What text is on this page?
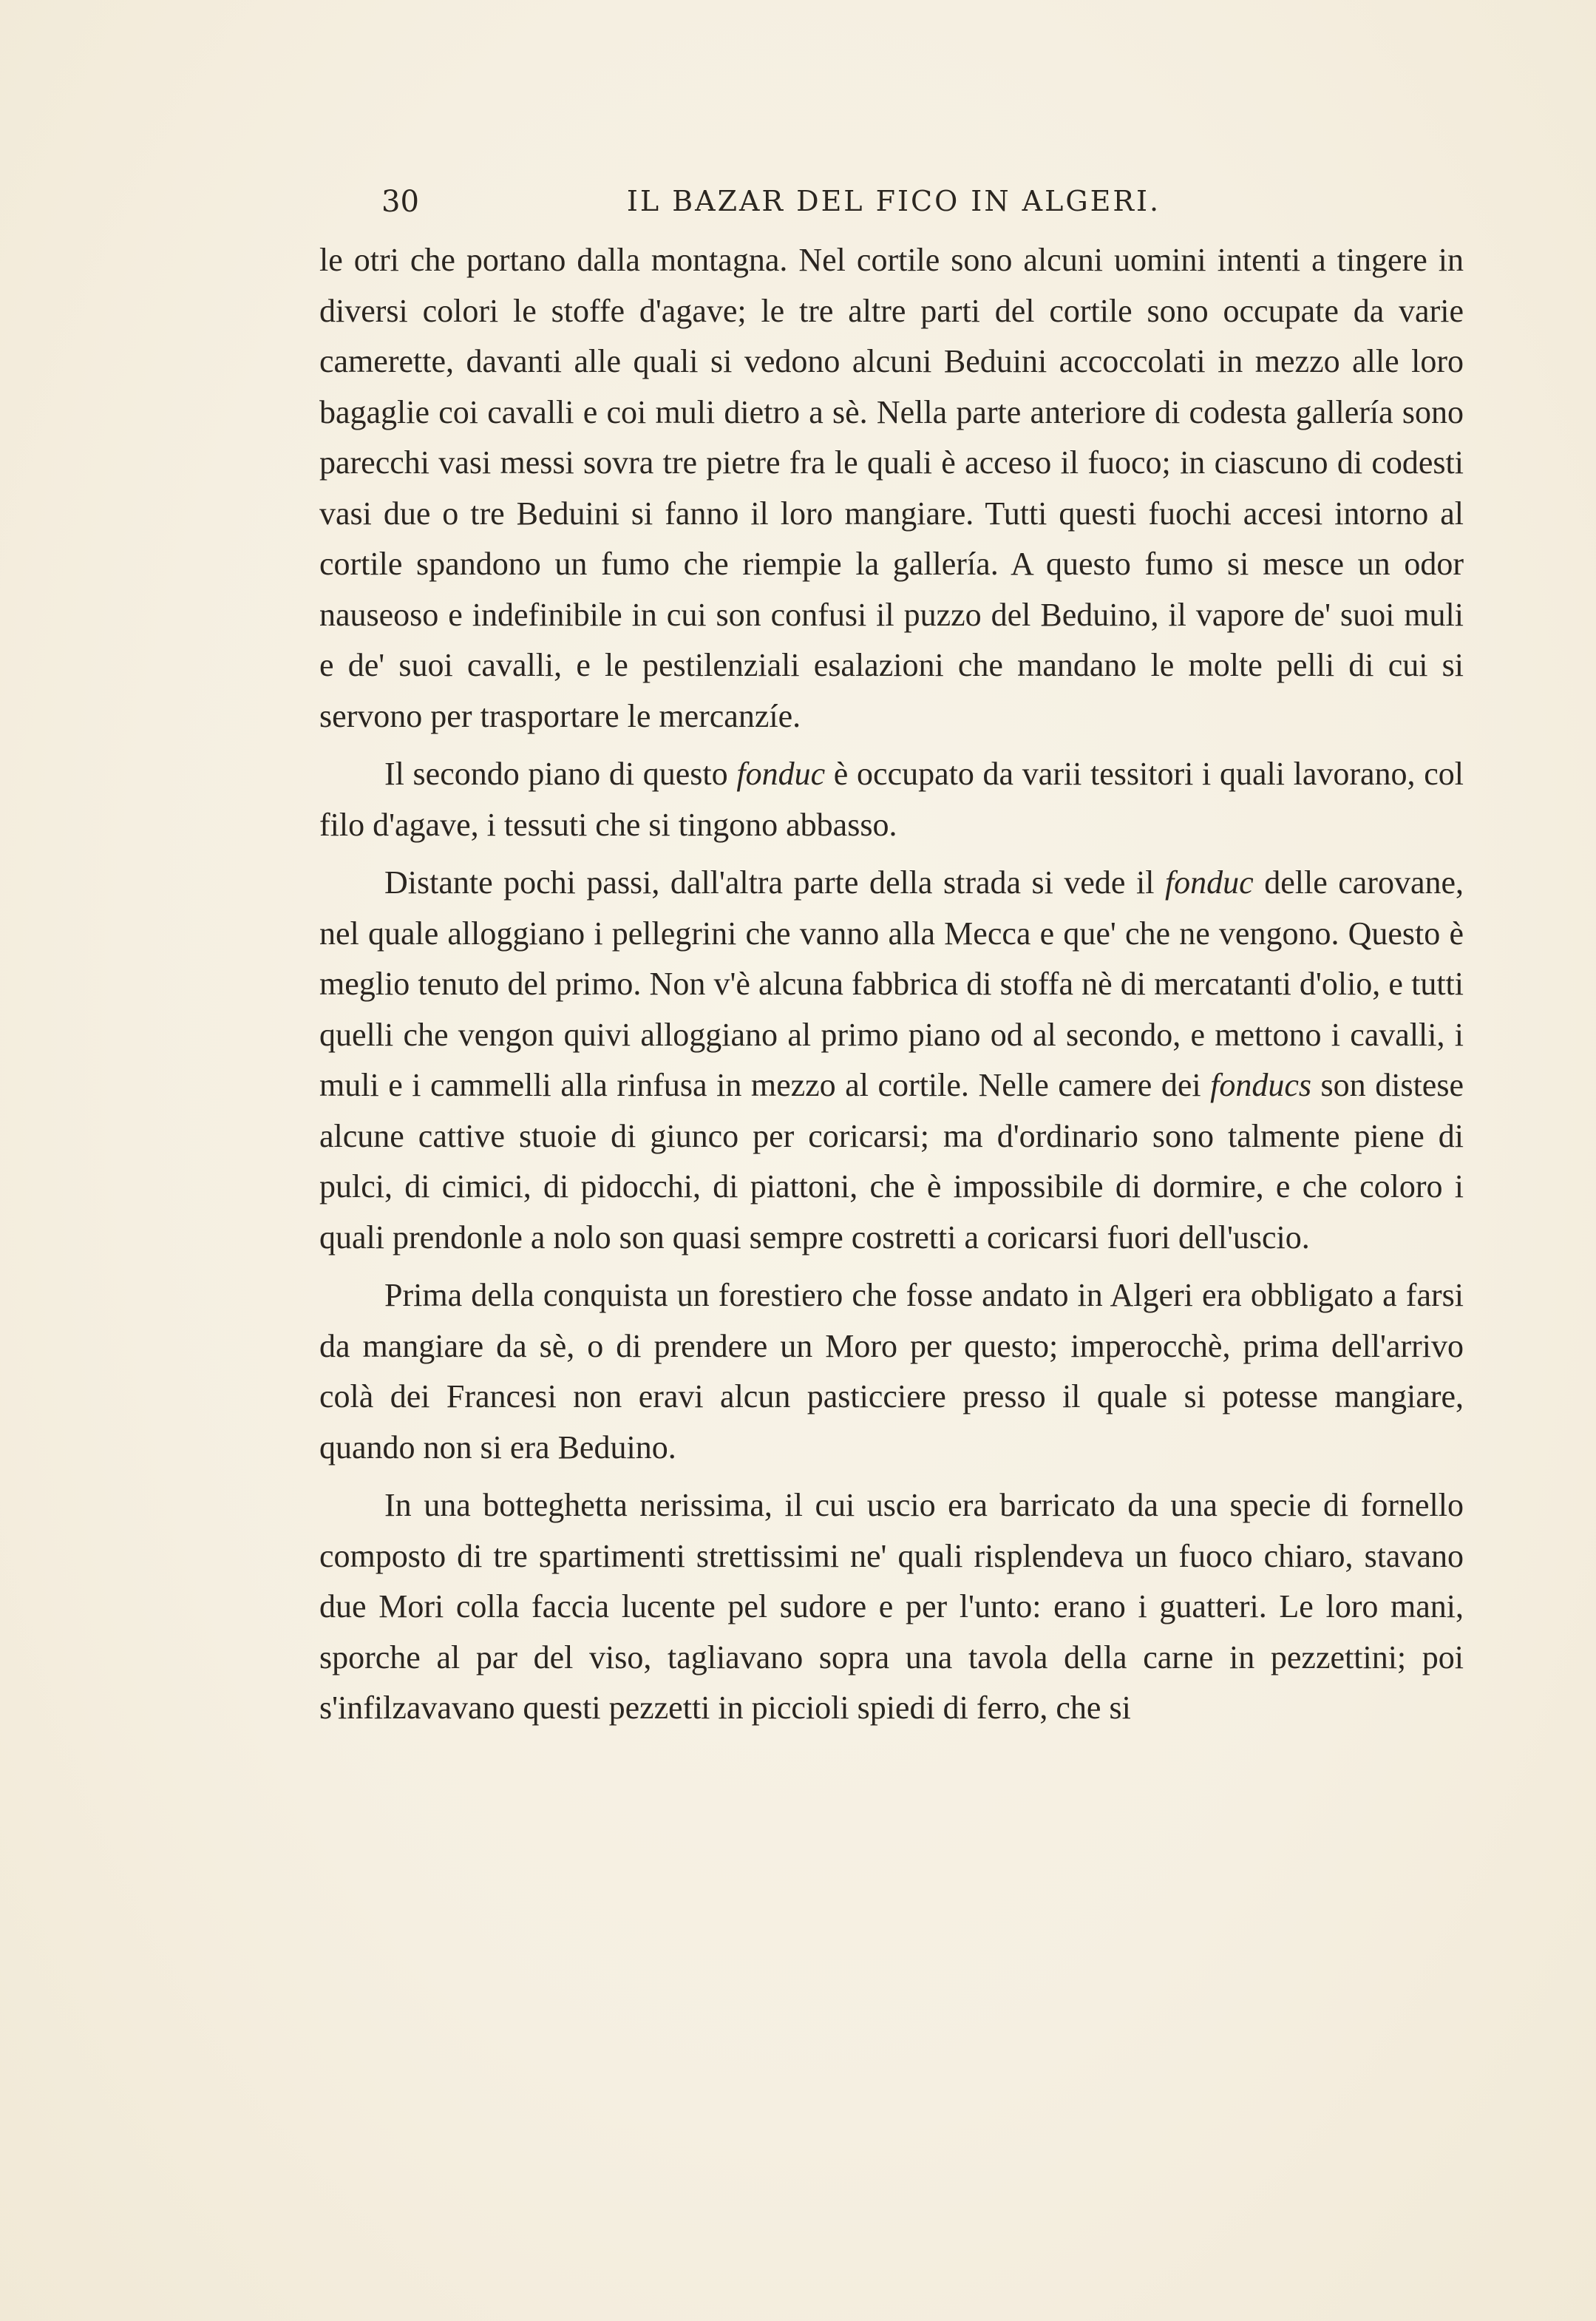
30	IL BAZAR DEL FICO IN ALGERI.

le otri che portano dalla montagna. Nel cortile sono alcuni uomini intenti a tingere in diversi colori le stoffe d'agave; le tre altre parti del cortile sono occupate da varie camerette, davanti alle quali si vedono alcuni Beduini accoccolati in mezzo alle loro bagaglie coi cavalli e coi muli dietro a sè. Nella parte anteriore di codesta gallería sono parecchi vasi messi sovra tre pietre fra le quali è acceso il fuoco; in ciascuno di codesti vasi due o tre Beduini si fanno il loro mangiare. Tutti questi fuochi accesi intorno al cortile spandono un fumo che riempie la gallería. A questo fumo si mesce un odor nauseoso e indefinibile in cui son confusi il puzzo del Beduino, il vapore de' suoi muli e de' suoi cavalli, e le pestilenziali esalazioni che mandano le molte pelli di cui si servono per trasportare le mercanzíe.

Il secondo piano di questo fonduc è occupato da varii tessitori i quali lavorano, col filo d'agave, i tessuti che si tingono abbasso.

Distante pochi passi, dall'altra parte della strada si vede il fonduc delle carovane, nel quale alloggiano i pellegrini che vanno alla Mecca e que' che ne vengono. Questo è meglio tenuto del primo. Non v'è alcuna fabbrica di stoffa nè di mercatanti d'olio, e tutti quelli che vengon quivi alloggiano al primo piano od al secondo, e mettono i cavalli, i muli e i cammelli alla rinfusa in mezzo al cortile. Nelle camere dei fonducs son distese alcune cattive stuoie di giunco per coricarsi; ma d'ordinario sono talmente piene di pulci, di cimici, di pidocchi, di piattoni, che è impossibile di dormire, e che coloro i quali prendonle a nolo son quasi sempre costretti a coricarsi fuori dell'uscio.

Prima della conquista un forestiero che fosse andato in Algeri era obbligato a farsi da mangiare da sè, o di prendere un Moro per questo; imperocchè, prima dell'arrivo colà dei Francesi non eravi alcun pasticciere presso il quale si potesse mangiare, quando non si era Beduino.

In una botteghetta nerissima, il cui uscio era barricato da una specie di fornello composto di tre spartimenti strettissimi ne' quali risplendeva un fuoco chiaro, stavano due Mori colla faccia lucente pel sudore e per l'unto: erano i guatteri. Le loro mani, sporche al par del viso, tagliavano sopra una tavola della carne in pezzettini; poi s'infilzavavano questi pezzetti in piccioli spiedi di ferro, che si
